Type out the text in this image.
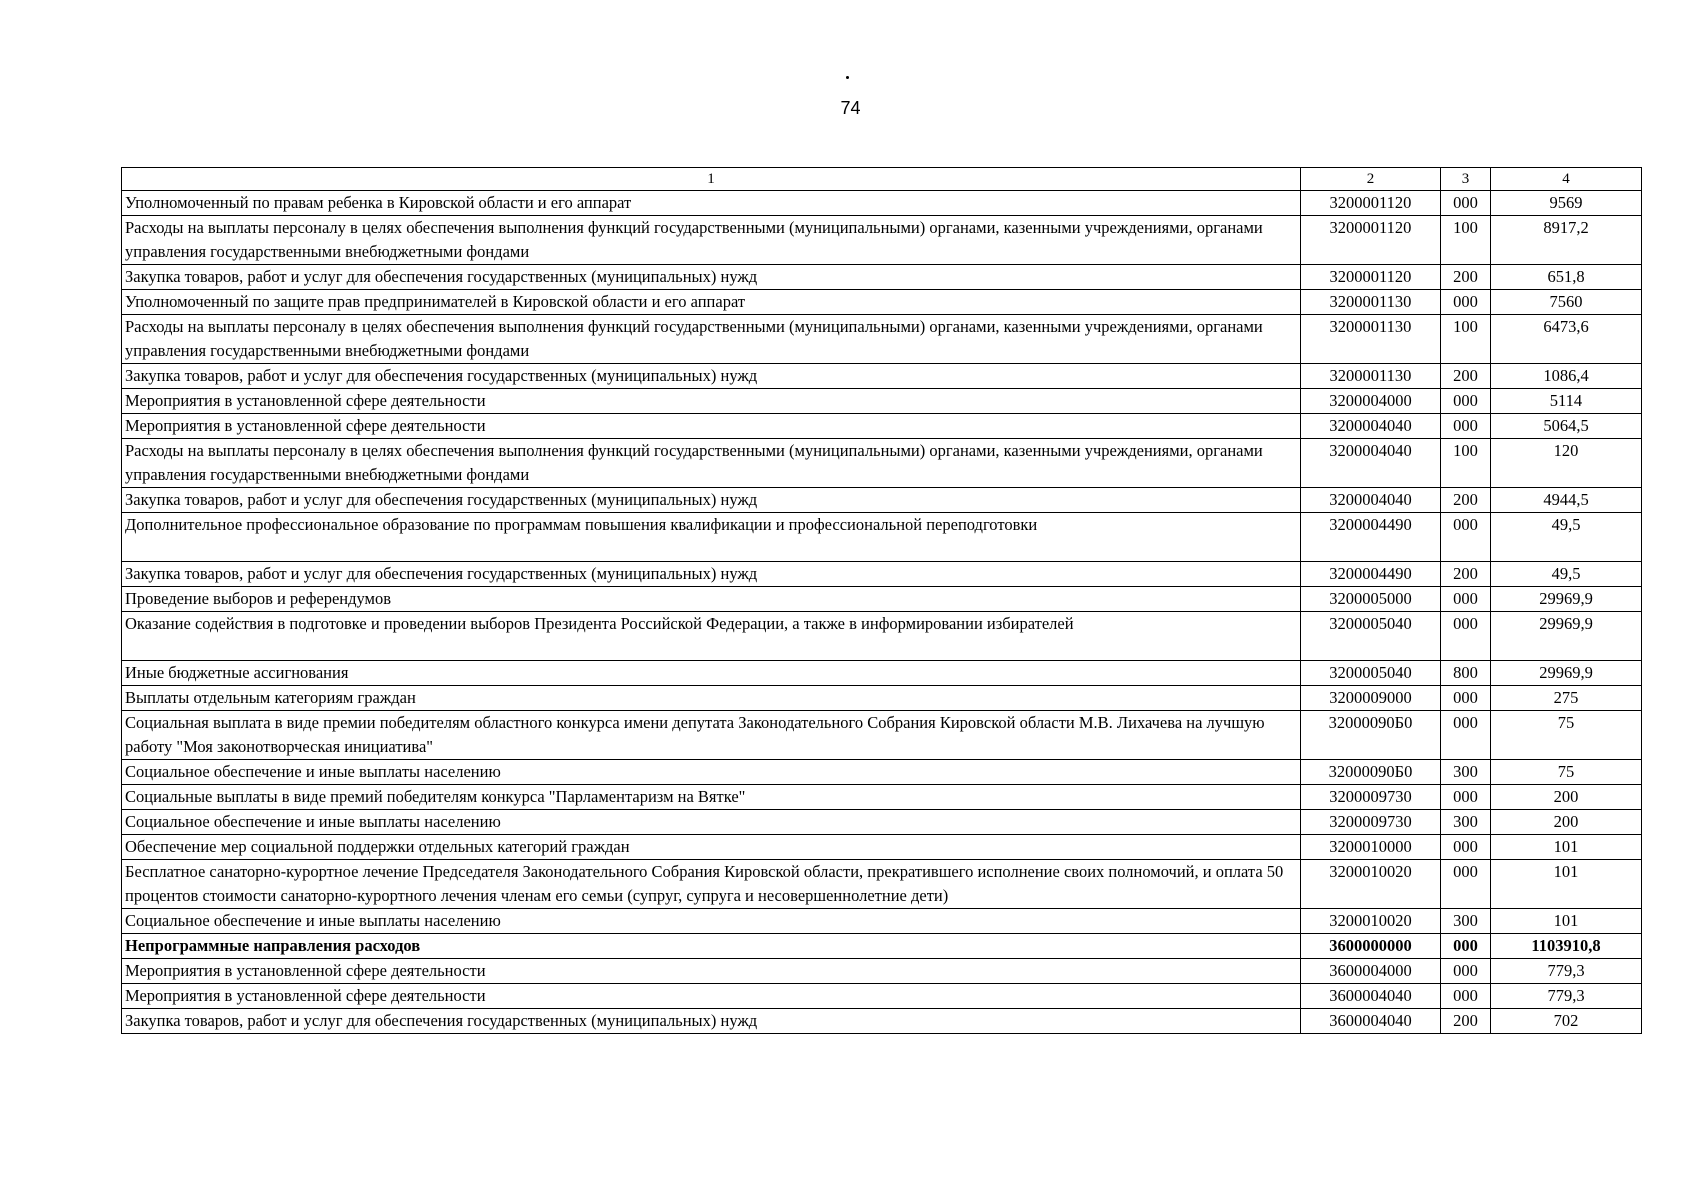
74
1	2	3	4
Уполномоченный по правам ребенка в Кировской области и его аппарат	3200001120	000	9569
Расходы на выплаты персоналу в целях обеспечения выполнения функций государственными (муниципальными) органами, казенными учреждениями, органами управления государственными внебюджетными фондами	3200001120	100	8917,2
Закупка товаров, работ и услуг для обеспечения государственных (муниципальных) нужд	3200001120	200	651,8
Уполномоченный по защите прав предпринимателей в Кировской области и его аппарат	3200001130	000	7560
Расходы на выплаты персоналу в целях обеспечения выполнения функций государственными (муниципальными) органами, казенными учреждениями, органами управления государственными внебюджетными фондами	3200001130	100	6473,6
Закупка товаров, работ и услуг для обеспечения государственных (муниципальных) нужд	3200001130	200	1086,4
Мероприятия в установленной сфере деятельности	3200004000	000	5114
Мероприятия в установленной сфере деятельности	3200004040	000	5064,5
Расходы на выплаты персоналу в целях обеспечения выполнения функций государственными (муниципальными) органами, казенными учреждениями, органами управления государственными внебюджетными фондами	3200004040	100	120
Закупка товаров, работ и услуг для обеспечения государственных (муниципальных) нужд	3200004040	200	4944,5
Дополнительное профессиональное образование по программам повышения квалификации и профессиональной переподготовки	3200004490	000	49,5
Закупка товаров, работ и услуг для обеспечения государственных (муниципальных) нужд	3200004490	200	49,5
Проведение выборов и референдумов	3200005000	000	29969,9
Оказание содействия в подготовке и проведении выборов Президента Российской Федерации, а также в информировании избирателей	3200005040	000	29969,9
Иные бюджетные ассигнования	3200005040	800	29969,9
Выплаты отдельным категориям граждан	3200009000	000	275
Социальная выплата в виде премии победителям областного конкурса имени депутата Законодательного Собрания Кировской области М.В. Лихачева на лучшую работу "Моя законотворческая инициатива"	32000090Б0	000	75
Социальное обеспечение и иные выплаты населению	32000090Б0	300	75
Социальные выплаты в виде премий победителям конкурса "Парламентаризм на Вятке"	3200009730	000	200
Социальное обеспечение и иные выплаты населению	3200009730	300	200
Обеспечение мер социальной поддержки отдельных категорий граждан	3200010000	000	101
Бесплатное санаторно-курортное лечение Председателя Законодательного Собрания Кировской области, прекратившего исполнение своих полномочий, и оплата 50 процентов стоимости санаторно-курортного лечения членам его семьи (супруг, супруга и несовершеннолетние дети)	3200010020	000	101
Социальное обеспечение и иные выплаты населению	3200010020	300	101
Непрограммные направления расходов	3600000000	000	1103910,8
Мероприятия в установленной сфере деятельности	3600004000	000	779,3
Мероприятия в установленной сфере деятельности	3600004040	000	779,3
Закупка товаров, работ и услуг для обеспечения государственных (муниципальных) нужд	3600004040	200	702
